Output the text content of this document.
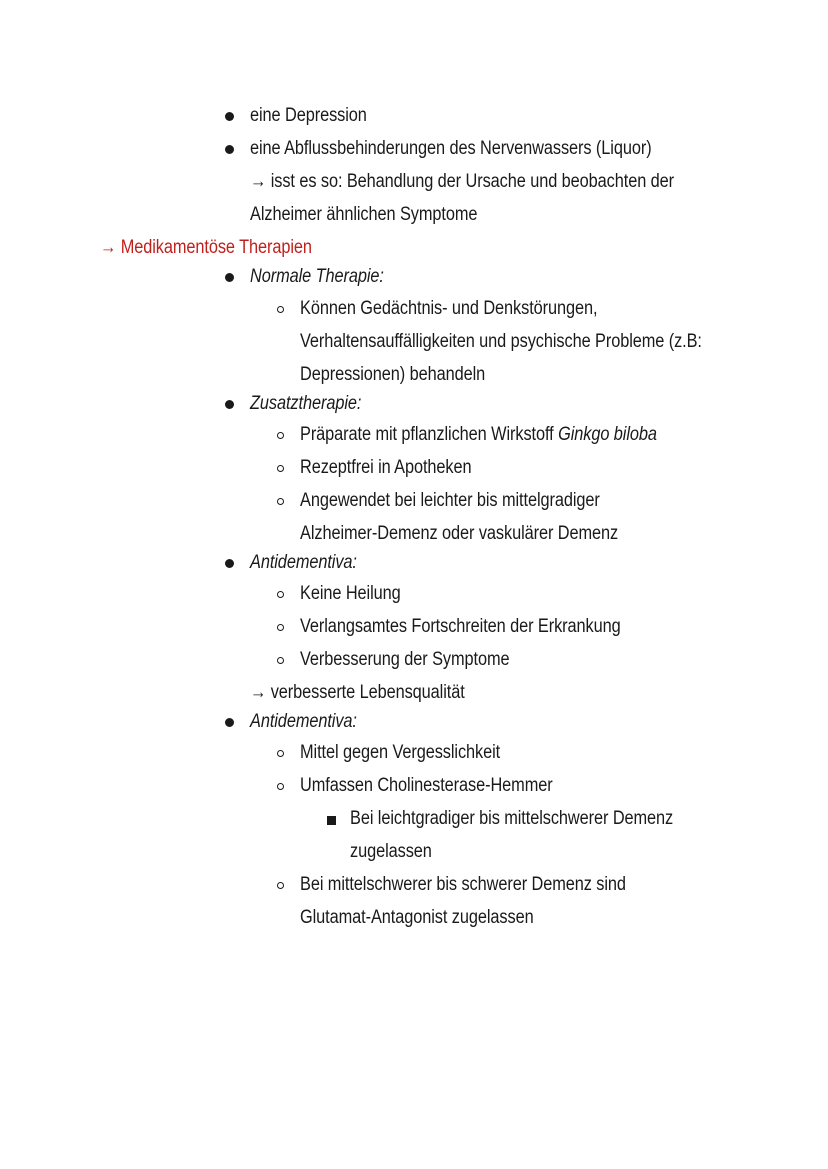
eine Depression
eine Abflussbehinderungen des Nervenwassers (Liquor)
→ isst es so: Behandlung der Ursache und beobachten der
Alzheimer ähnlichen Symptome
→ Medikamentöse Therapien
Normale Therapie:
Können Gedächtnis- und Denkstörungen,
Verhaltensauffälligkeiten und psychische Probleme (z.B:
Depressionen) behandeln
Zusatztherapie:
Präparate mit pflanzlichen Wirkstoff Ginkgo biloba
Rezeptfrei in Apotheken
Angewendet bei leichter bis mittelgradiger
Alzheimer-Demenz oder vaskulärer Demenz
Antidementiva:
Keine Heilung
Verlangsamtes Fortschreiten der Erkrankung
Verbesserung der Symptome
→ verbesserte Lebensqualität
Antidementiva:
Mittel gegen Vergesslichkeit
Umfassen Cholinesterase-Hemmer
Bei leichtgradiger bis mittelschwerer Demenz
zugelassen
Bei mittelschwerer bis schwerer Demenz sind
Glutamat-Antagonist zugelassen
